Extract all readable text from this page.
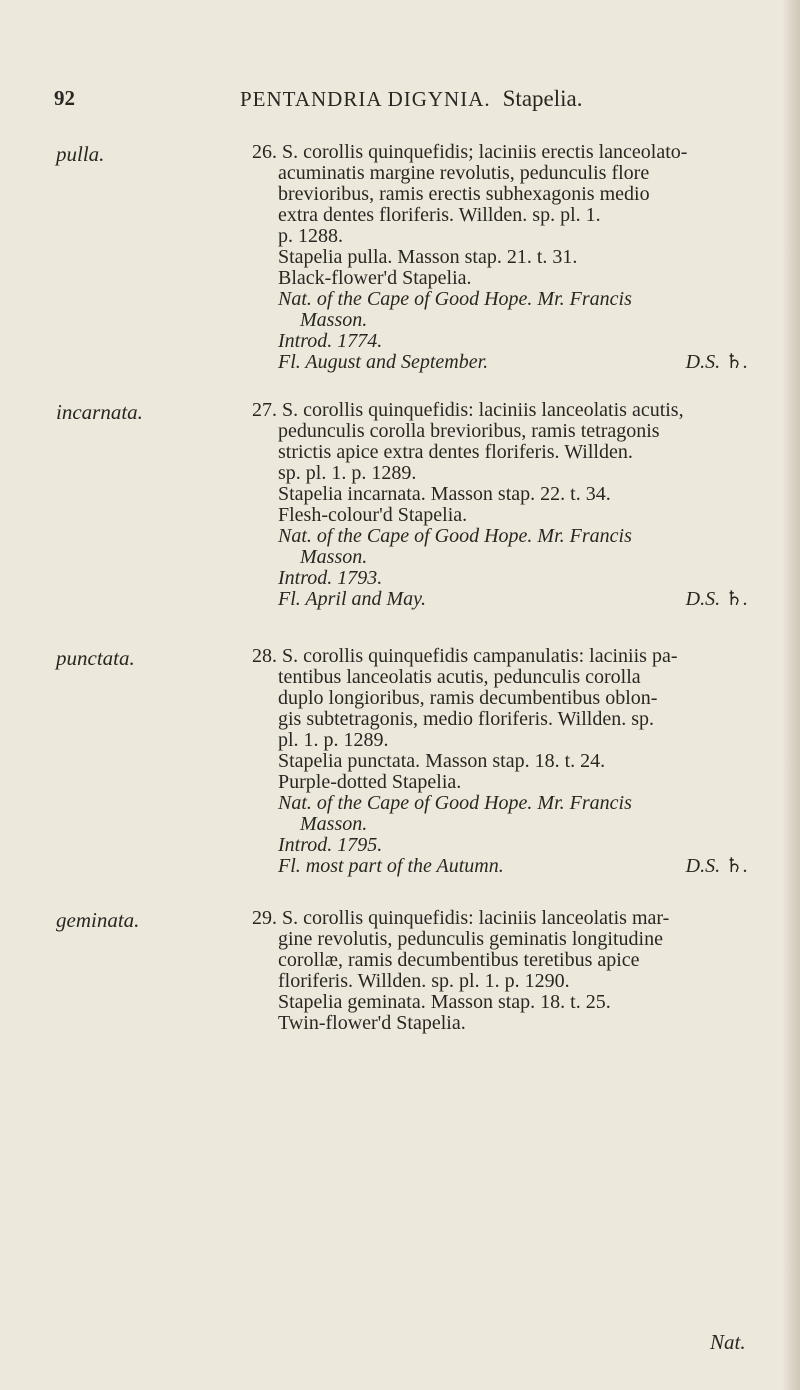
92	PENTANDRIA DIGYNIA. Stapelia.
pulla.	26. S. corollis quinquefidis; laciniis erectis lanceolato-
acuminatis margine revolutis, pedunculis flore
brevioribus, ramis erectis subhexagonis medio
extra dentes floriferis. Willden. sp. pl. 1.
p. 1288.
Stapelia pulla. Masson stap. 21. t. 31.
Black-flower'd Stapelia.
Nat. of the Cape of Good Hope. Mr. Francis
Masson.
Introd. 1774.
Fl. August and September.	D.S. ♄.
incarnata.	27. S. corollis quinquefidis: laciniis lanceolatis acutis,
pedunculis corolla brevioribus, ramis tetragonis
strictis apice extra dentes floriferis. Willden.
sp. pl. 1. p. 1289.
Stapelia incarnata. Masson stap. 22. t. 34.
Flesh-colour'd Stapelia.
Nat. of the Cape of Good Hope. Mr. Francis
Masson.
Introd. 1793.
Fl. April and May.	D.S. ♄.
punctata.	28. S. corollis quinquefidis campanulatis: laciniis pa-
tentibus lanceolatis acutis, pedunculis corolla
duplo longioribus, ramis decumbentibus oblon-
gis subtetragonis, medio floriferis. Willden. sp.
pl. 1. p. 1289.
Stapelia punctata. Masson stap. 18. t. 24.
Purple-dotted Stapelia.
Nat. of the Cape of Good Hope. Mr. Francis
Masson.
Introd. 1795.
Fl. most part of the Autumn.	D.S. ♄.
geminata.	29. S. corollis quinquefidis: laciniis lanceolatis mar-
gine revolutis, pedunculis geminatis longitudine
corollæ, ramis decumbentibus teretibus apice
floriferis. Willden. sp. pl. 1. p. 1290.
Stapelia geminata. Masson stap. 18. t. 25.
Twin-flower'd Stapelia.
Nat.
